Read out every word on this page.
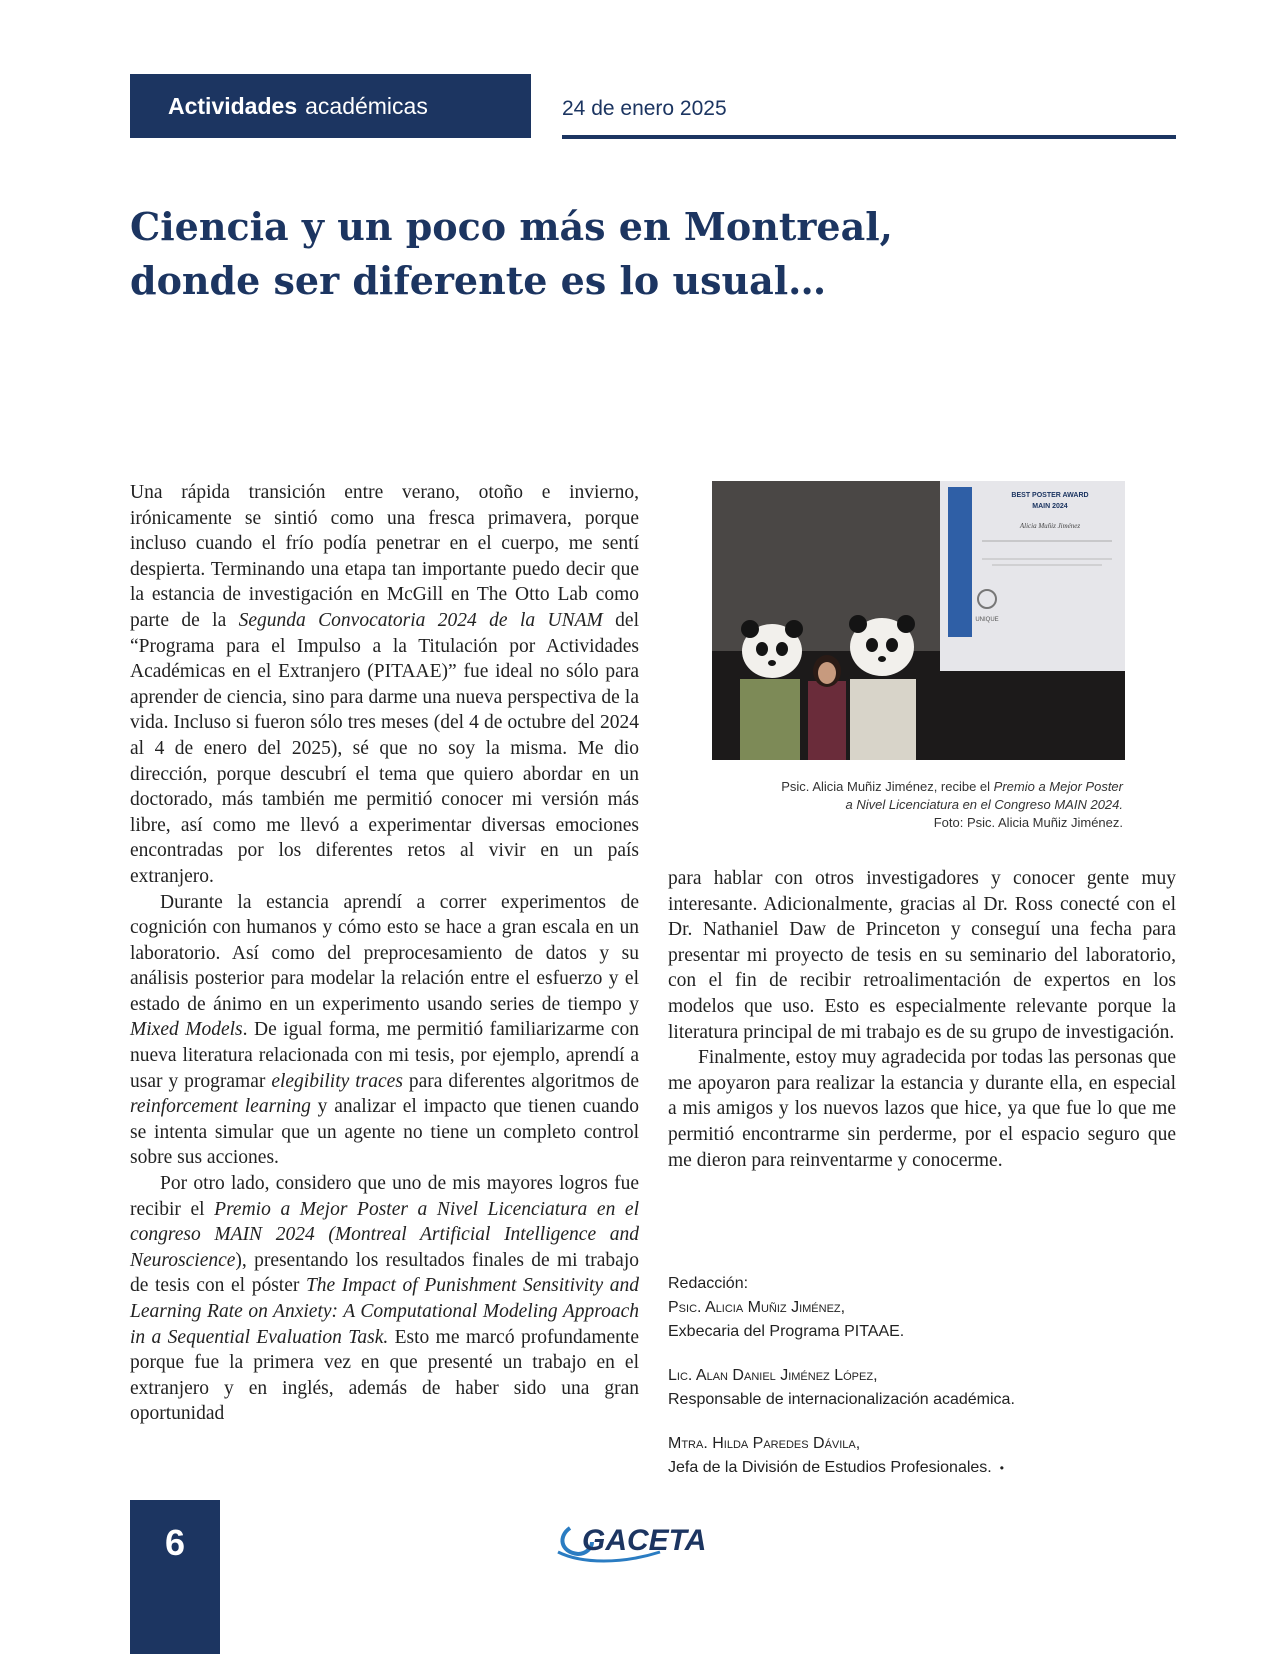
Actividades académicas	24 de enero 2025
Ciencia y un poco más en Montreal,
donde ser diferente es lo usual…

Una rápida transición entre verano, otoño e invierno, irónicamente se sintió como una fresca primavera, porque incluso cuando el frío podía penetrar en el cuerpo, me sentí despierta. Terminando una etapa tan importante puedo decir que la estancia de investigación en McGill en The Otto Lab como parte de la Segunda Convocatoria 2024 de la UNAM del “Programa para el Impulso a la Titulación por Actividades Académicas en el Extranjero (PITAAE)” fue ideal no sólo para aprender de ciencia, sino para darme una nueva perspectiva de la vida. Incluso si fueron sólo tres meses (del 4 de octubre del 2024 al 4 de enero del 2025), sé que no soy la misma. Me dio dirección, porque descubrí el tema que quiero abordar en un doctorado, más también me permitió conocer mi versión más libre, así como me llevó a experimentar diversas emociones encontradas por los diferentes retos al vivir en un país extranjero.

Durante la estancia aprendí a correr experimentos de cognición con humanos y cómo esto se hace a gran escala en un laboratorio. Así como del preprocesamiento de datos y su análisis posterior para modelar la relación entre el esfuerzo y el estado de ánimo en un experimento usando series de tiempo y Mixed Models. De igual forma, me permitió familiarizarme con nueva literatura relacionada con mi tesis, por ejemplo, aprendí a usar y programar elegibility traces para diferentes algoritmos de reinforcement learning y analizar el impacto que tienen cuando se intenta simular que un agente no tiene un completo control sobre sus acciones.

Por otro lado, considero que uno de mis mayores logros fue recibir el Premio a Mejor Poster a Nivel Licenciatura en el congreso MAIN 2024 (Montreal Artificial Intelligence and Neuroscience), presentando los resultados finales de mi trabajo de tesis con el póster The Impact of Punishment Sensitivity and Learning Rate on Anxiety: A Computational Modeling Approach in a Sequential Evaluation Task. Esto me marcó profundamente porque fue la primera vez en que presenté un trabajo en el extranjero y en inglés, además de haber sido una gran oportunidad

BEST POSTER AWARD
MAIN 2024
Alicia Muñiz Jiménez
UNIQUE
Psic. Alicia Muñiz Jiménez, recibe el Premio a Mejor Poster
a Nivel Licenciatura en el Congreso MAIN 2024.
Foto: Psic. Alicia Muñiz Jiménez.

para hablar con otros investigadores y conocer gente muy interesante. Adicionalmente, gracias al Dr. Ross conecté con el Dr. Nathaniel Daw de Princeton y conseguí una fecha para presentar mi proyecto de tesis en su seminario del laboratorio, con el fin de recibir retroalimentación de expertos en los modelos que uso. Esto es especialmente relevante porque la literatura principal de mi trabajo es de su grupo de investigación.

Finalmente, estoy muy agradecida por todas las personas que me apoyaron para realizar la estancia y durante ella, en especial a mis amigos y los nuevos lazos que hice, ya que fue lo que me permitió encontrarme sin perderme, por el espacio seguro que me dieron para reinventarme y conocerme.

Redacción:
Psic. Alicia Muñiz Jiménez,
Exbecaria del Programa PITAAE.
Lic. Alan Daniel Jiménez López,
Responsable de internacionalización académica.
Mtra. Hilda Paredes Dávila,
Jefa de la División de Estudios Profesionales. •
6	GACETA
